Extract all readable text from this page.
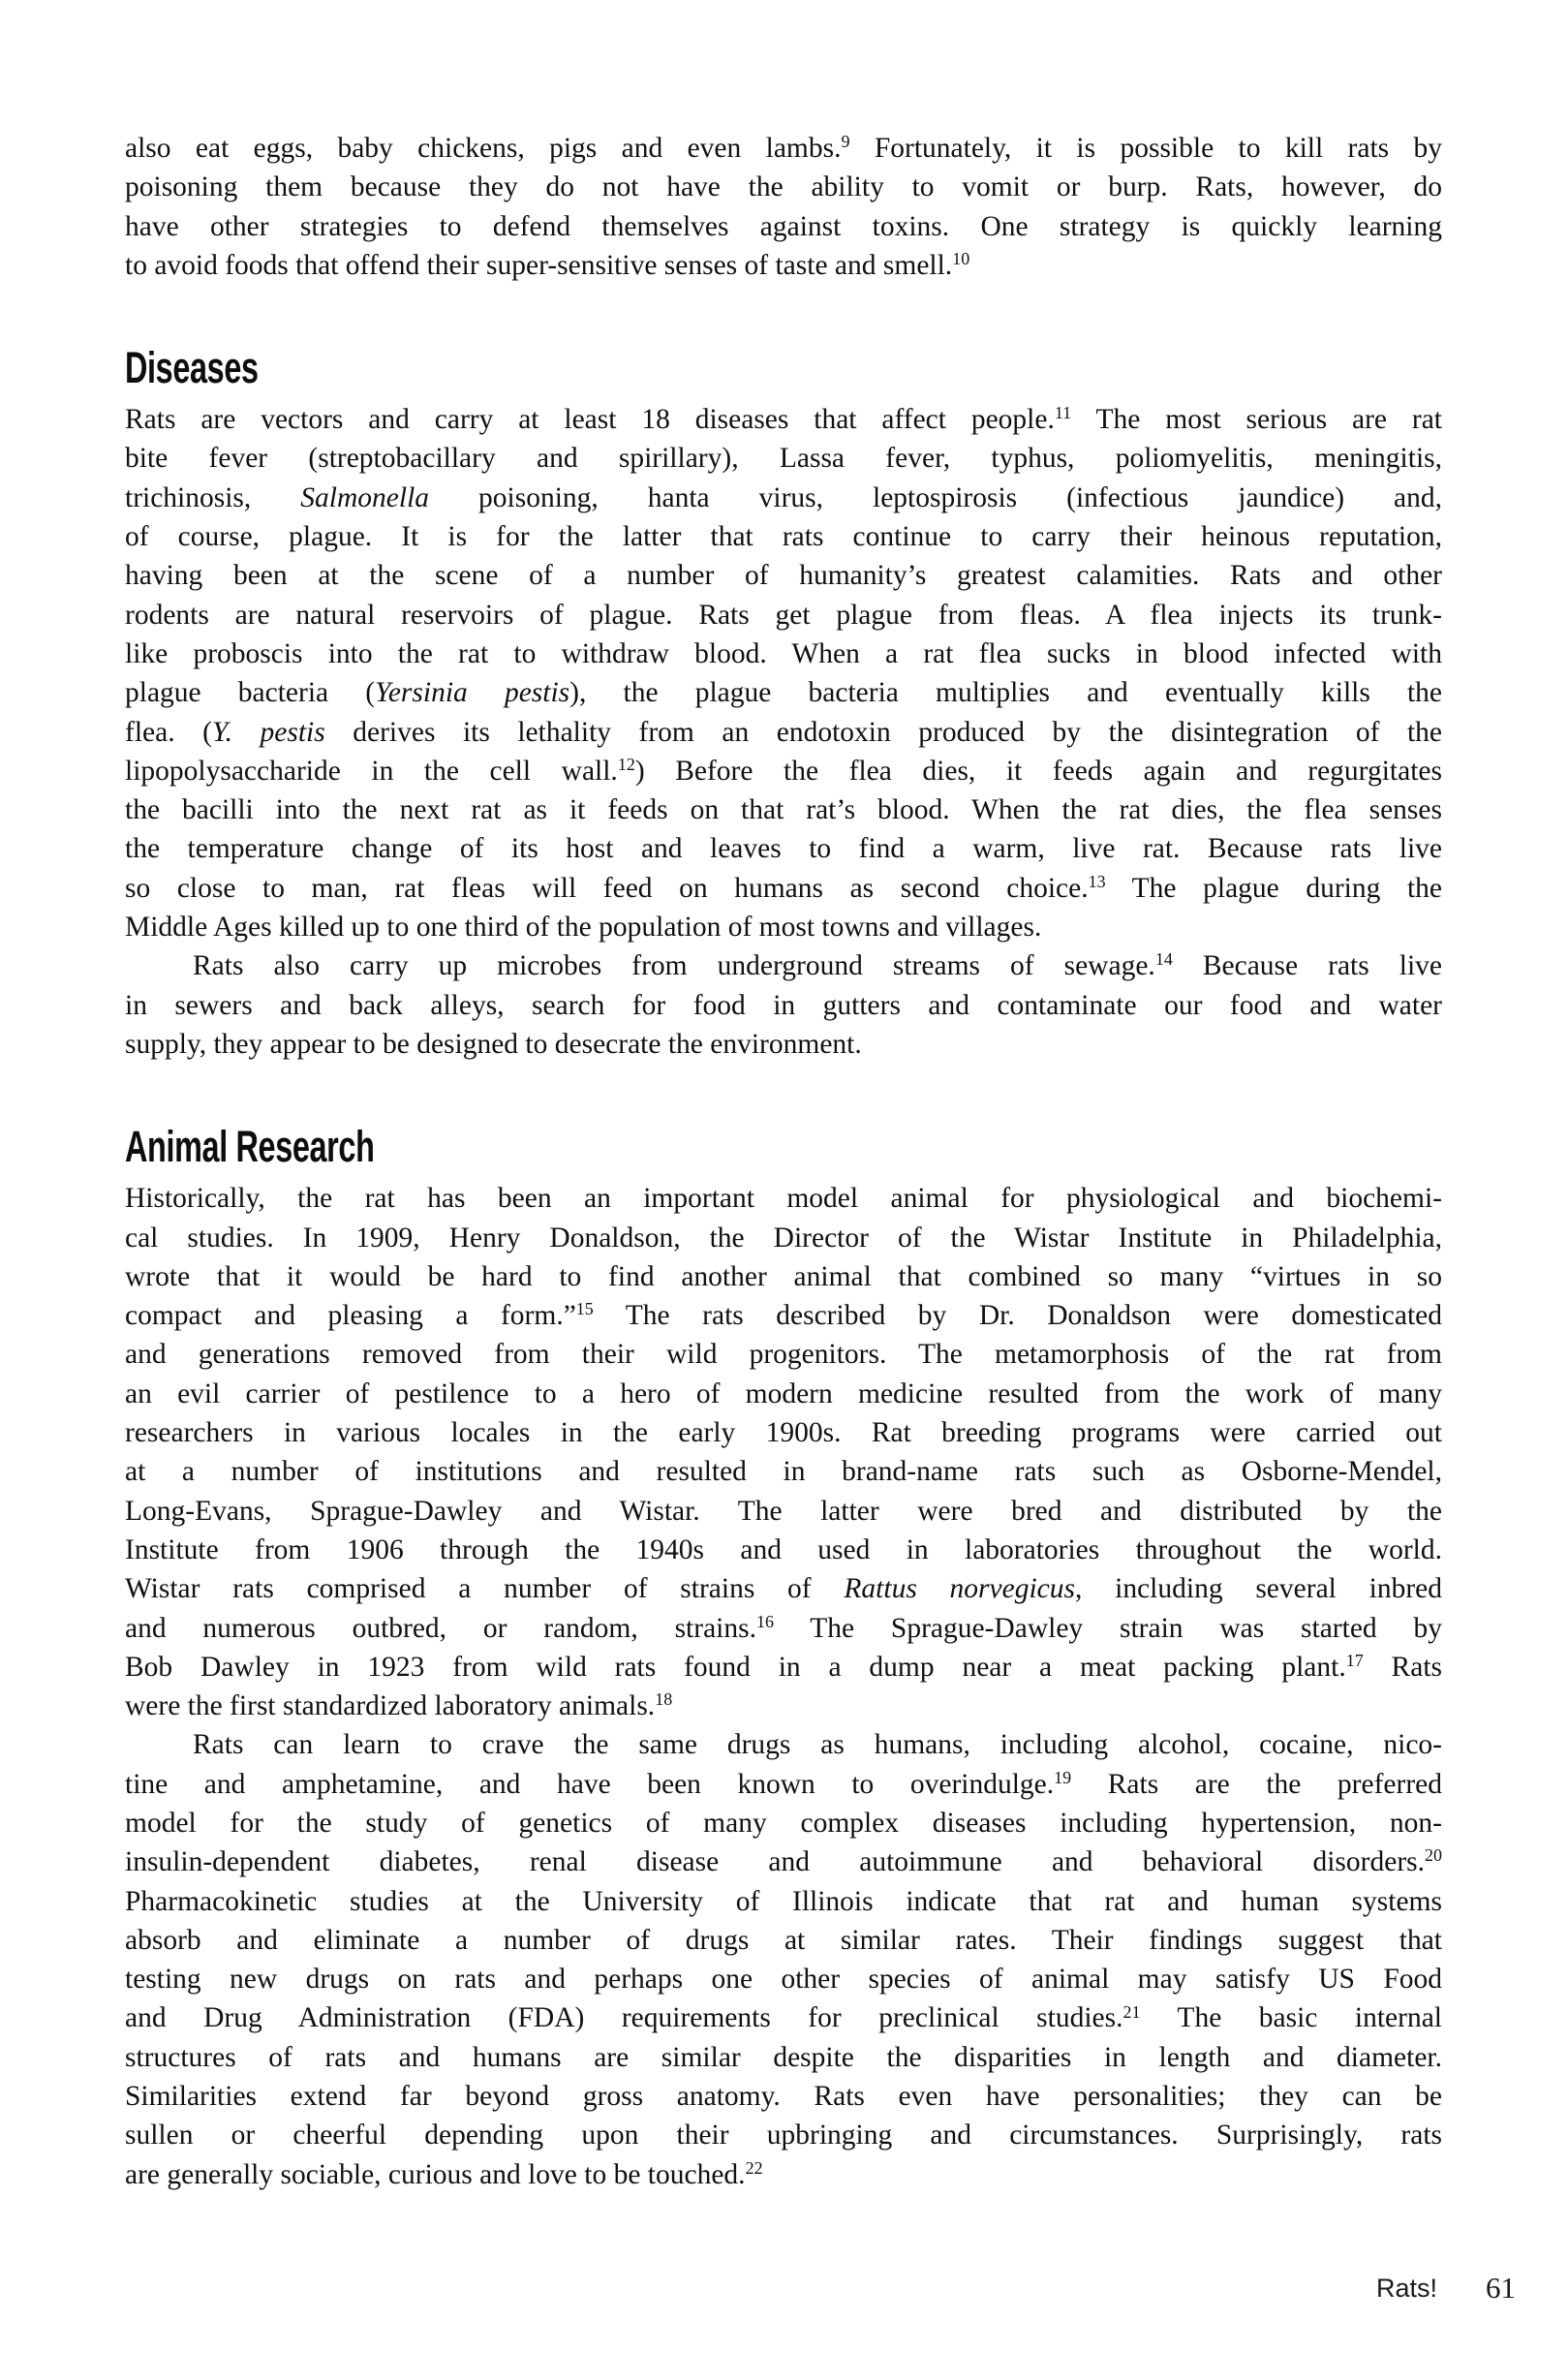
also eat eggs, baby chickens, pigs and even lambs.$^9$ Fortunately, it is possible to kill rats by
poisoning them because they do not have the ability to vomit or burp. Rats, however, do
have other strategies to defend themselves against toxins. One strategy is quickly learning
to avoid foods that offend their super-sensitive senses of taste and smell.$^{10}$
Diseases
Rats are vectors and carry at least 18 diseases that affect people.$^{11}$ The most serious are rat
bite fever (streptobacillary and spirillary), Lassa fever, typhus, poliomyelitis, meningitis,
trichinosis, Salmonella poisoning, hanta virus, leptospirosis (infectious jaundice) and,
of course, plague. It is for the latter that rats continue to carry their heinous reputation,
having been at the scene of a number of humanity’s greatest calamities. Rats and other
rodents are natural reservoirs of plague. Rats get plague from fleas. A flea injects its trunk-
like proboscis into the rat to withdraw blood. When a rat flea sucks in blood infected with
plague bacteria (Yersinia pestis), the plague bacteria multiplies and eventually kills the
flea. (Y. pestis derives its lethality from an endotoxin produced by the disintegration of the
lipopolysaccharide in the cell wall.$^{12}$) Before the flea dies, it feeds again and regurgitates
the bacilli into the next rat as it feeds on that rat’s blood. When the rat dies, the flea senses
the temperature change of its host and leaves to find a warm, live rat. Because rats live
so close to man, rat fleas will feed on humans as second choice.$^{13}$ The plague during the
Middle Ages killed up to one third of the population of most towns and villages.
Rats also carry up microbes from underground streams of sewage.$^{14}$ Because rats live
in sewers and back alleys, search for food in gutters and contaminate our food and water
supply, they appear to be designed to desecrate the environment.
Animal Research
Historically, the rat has been an important model animal for physiological and biochemi-
cal studies. In 1909, Henry Donaldson, the Director of the Wistar Institute in Philadelphia,
wrote that it would be hard to find another animal that combined so many “virtues in so
compact and pleasing a form.”$^{15}$ The rats described by Dr. Donaldson were domesticated
and generations removed from their wild progenitors. The metamorphosis of the rat from
an evil carrier of pestilence to a hero of modern medicine resulted from the work of many
researchers in various locales in the early 1900s. Rat breeding programs were carried out
at a number of institutions and resulted in brand-name rats such as Osborne-Mendel,
Long-Evans, Sprague-Dawley and Wistar. The latter were bred and distributed by the
Institute from 1906 through the 1940s and used in laboratories throughout the world.
Wistar rats comprised a number of strains of Rattus norvegicus, including several inbred
and numerous outbred, or random, strains.$^{16}$ The Sprague-Dawley strain was started by
Bob Dawley in 1923 from wild rats found in a dump near a meat packing plant.$^{17}$ Rats
were the first standardized laboratory animals.$^{18}$
Rats can learn to crave the same drugs as humans, including alcohol, cocaine, nico-
tine and amphetamine, and have been known to overindulge.$^{19}$ Rats are the preferred
model for the study of genetics of many complex diseases including hypertension, non-
insulin-dependent diabetes, renal disease and autoimmune and behavioral disorders.$^{20}$
Pharmacokinetic studies at the University of Illinois indicate that rat and human systems
absorb and eliminate a number of drugs at similar rates. Their findings suggest that
testing new drugs on rats and perhaps one other species of animal may satisfy US Food
and Drug Administration (FDA) requirements for preclinical studies.$^{21}$ The basic internal
structures of rats and humans are similar despite the disparities in length and diameter.
Similarities extend far beyond gross anatomy. Rats even have personalities; they can be
sullen or cheerful depending upon their upbringing and circumstances. Surprisingly, rats
are generally sociable, curious and love to be touched.$^{22}$
Rats! 61
